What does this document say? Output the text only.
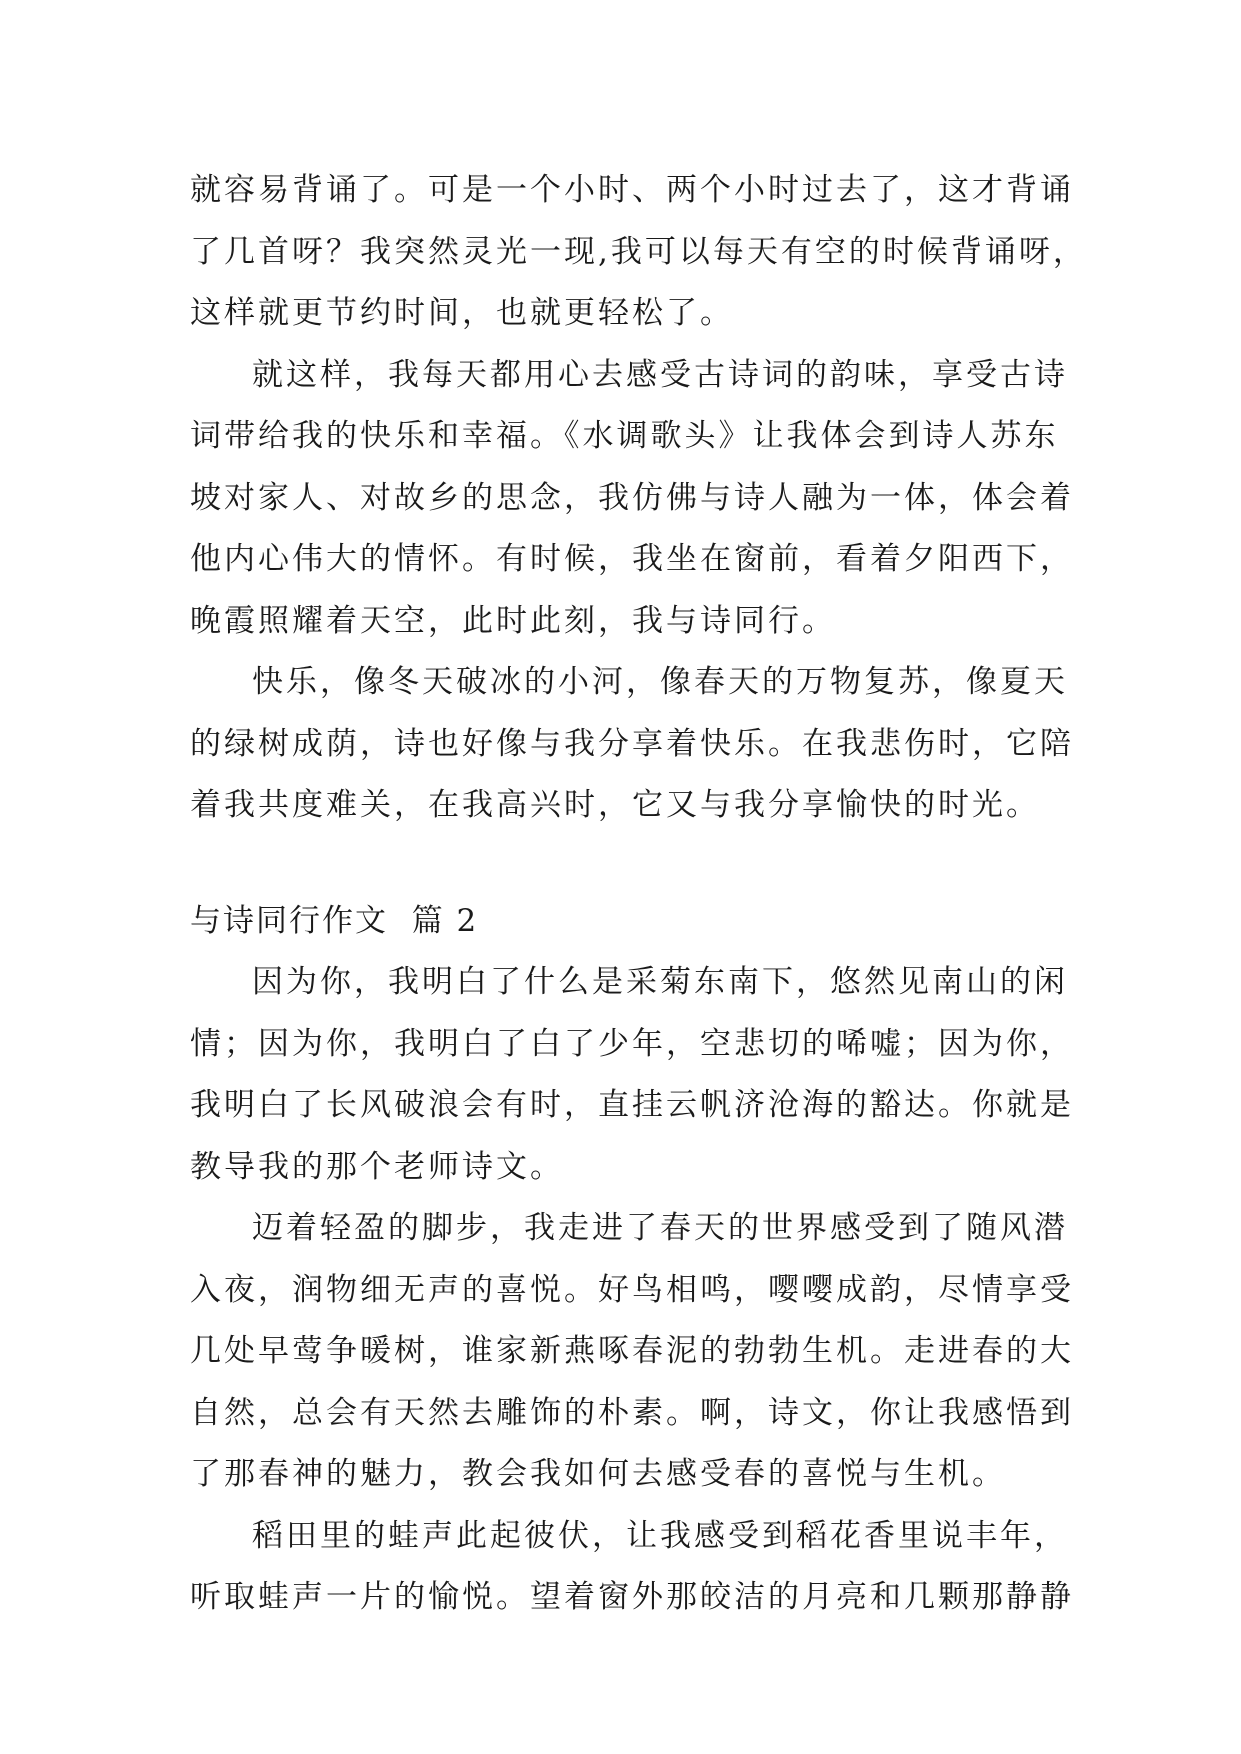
就容易背诵了。可是一个小时、两个小时过去了，这才背诵了几首呀？我突然灵光一现,我可以每天有空的时候背诵呀，这样就更节约时间，也就更轻松了。

就这样，我每天都用心去感受古诗词的韵味，享受古诗词带给我的快乐和幸福。《水调歌头》让我体会到诗人苏东坡对家人、对故乡的思念，我仿佛与诗人融为一体，体会着他内心伟大的情怀。有时候，我坐在窗前，看着夕阳西下，晚霞照耀着天空，此时此刻，我与诗同行。

快乐，像冬天破冰的小河，像春天的万物复苏，像夏天的绿树成荫，诗也好像与我分享着快乐。在我悲伤时，它陪着我共度难关，在我高兴时，它又与我分享愉快的时光。

与诗同行作文  篇 2

因为你，我明白了什么是采菊东南下，悠然见南山的闲情；因为你，我明白了白了少年，空悲切的唏嘘；因为你，我明白了长风破浪会有时，直挂云帆济沧海的豁达。你就是教导我的那个老师诗文。

迈着轻盈的脚步，我走进了春天的世界感受到了随风潜入夜，润物细无声的喜悦。好鸟相鸣，嘤嘤成韵，尽情享受几处早莺争暖树，谁家新燕啄春泥的勃勃生机。走进春的大自然，总会有天然去雕饰的朴素。啊，诗文，你让我感悟到了那春神的魅力，教会我如何去感受春的喜悦与生机。

稻田里的蛙声此起彼伏，让我感受到稻花香里说丰年，听取蛙声一片的愉悦。望着窗外那皎洁的月亮和几颗那静静
